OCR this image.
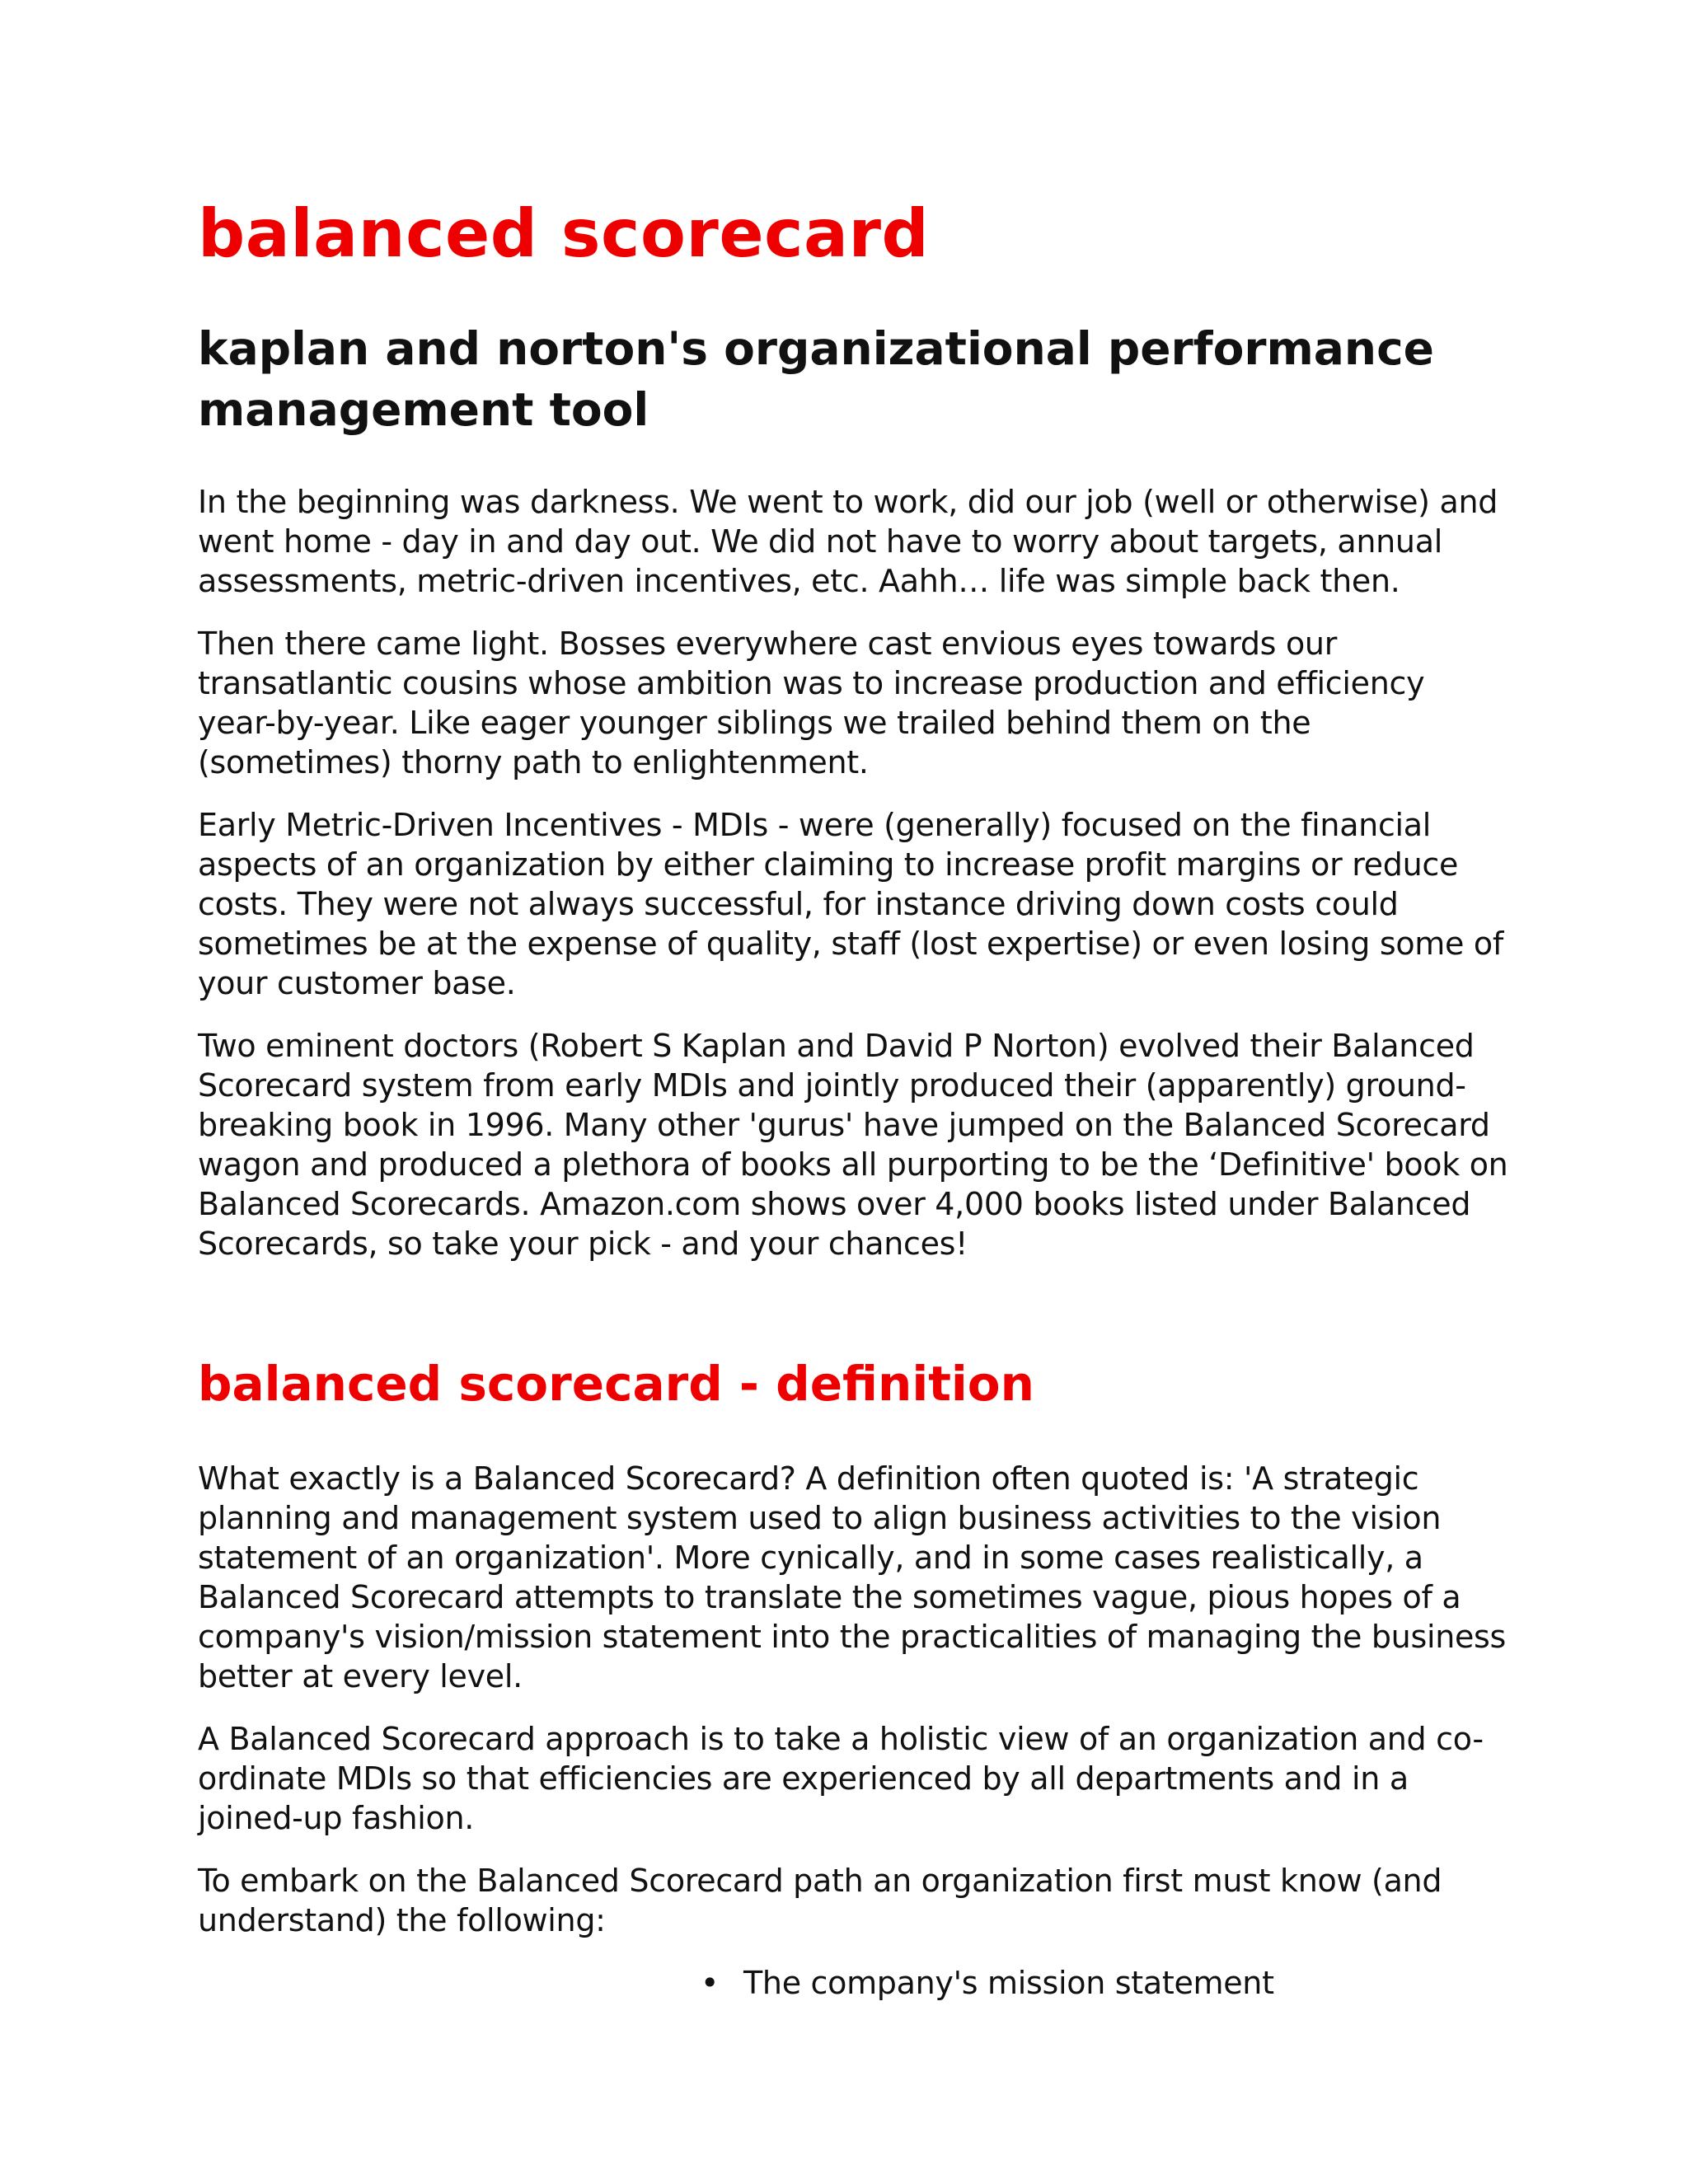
balanced scorecard
kaplan and norton's organizational performance management tool

In the beginning was darkness. We went to work, did our job (well or otherwise) and went home - day in and day out. We did not have to worry about targets, annual assessments, metric-driven incentives, etc. Aahh… life was simple back then.

Then there came light. Bosses everywhere cast envious eyes towards our transatlantic cousins whose ambition was to increase production and efficiency year-by-year. Like eager younger siblings we trailed behind them on the (sometimes) thorny path to enlightenment.

Early Metric-Driven Incentives - MDIs - were (generally) focused on the financial aspects of an organization by either claiming to increase profit margins or reduce costs. They were not always successful, for instance driving down costs could sometimes be at the expense of quality, staff (lost expertise) or even losing some of your customer base.

Two eminent doctors (Robert S Kaplan and David P Norton) evolved their Balanced Scorecard system from early MDIs and jointly produced their (apparently) ground-breaking book in 1996. Many other 'gurus' have jumped on the Balanced Scorecard wagon and produced a plethora of books all purporting to be the ‘Definitive' book on Balanced Scorecards. Amazon.com shows over 4,000 books listed under Balanced Scorecards, so take your pick - and your chances!

balanced scorecard - definition

What exactly is a Balanced Scorecard? A definition often quoted is: 'A strategic planning and management system used to align business activities to the vision statement of an organization'. More cynically, and in some cases realistically, a Balanced Scorecard attempts to translate the sometimes vague, pious hopes of a company's vision/mission statement into the practicalities of managing the business better at every level.

A Balanced Scorecard approach is to take a holistic view of an organization and co-ordinate MDIs so that efficiencies are experienced by all departments and in a joined-up fashion.

To embark on the Balanced Scorecard path an organization first must know (and understand) the following:

• The company's mission statement
